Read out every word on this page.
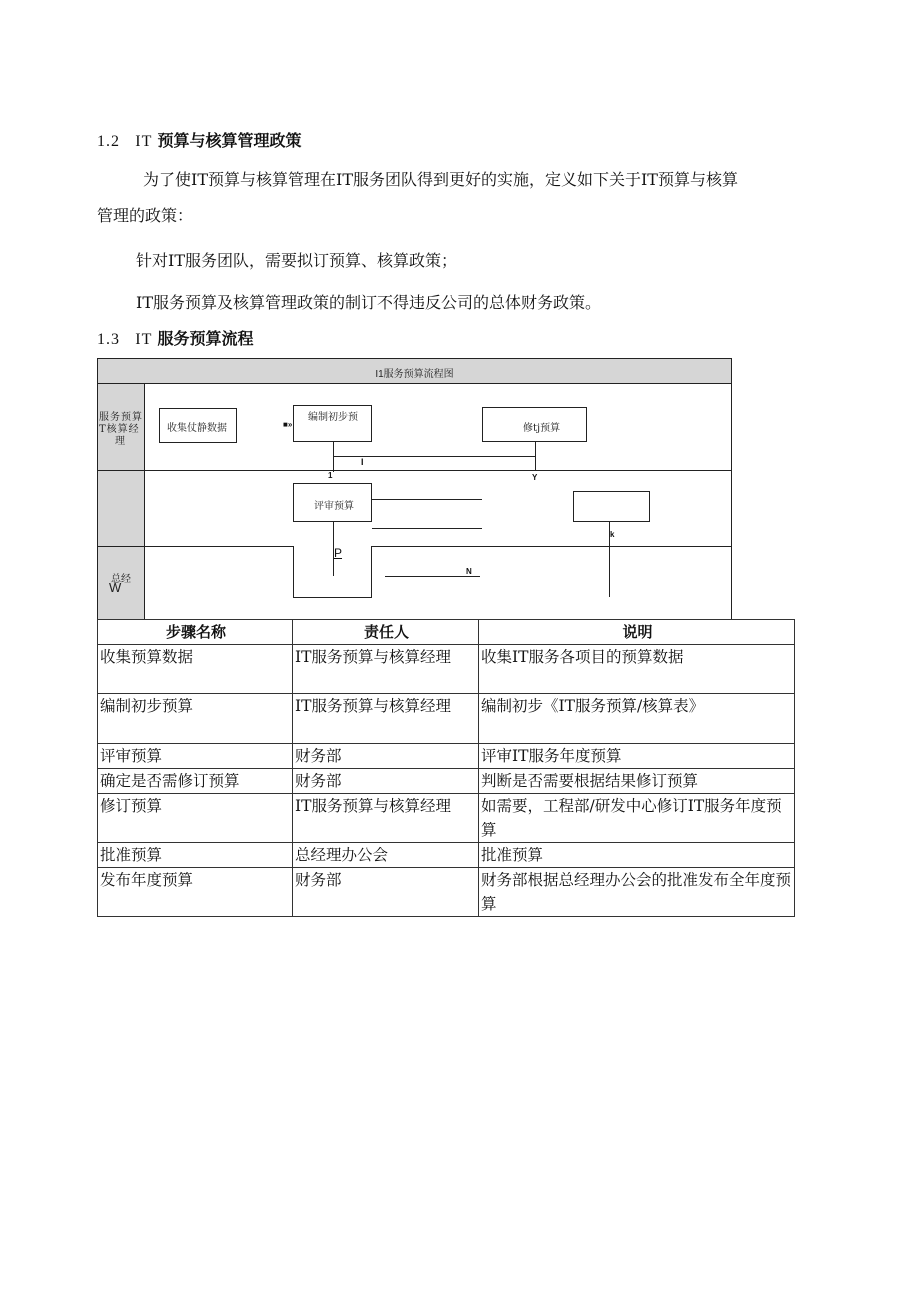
1.2 IT 预算与核算管理政策
为了使IT预算与核算管理在IT服务团队得到更好的实施，定义如下关于IT预算与核算
管理的政策：
针对IT服务团队，需要拟订预算、核算政策；
IT服务预算及核算管理政策的制订不得违反公司的总体财务政策。
1.3 IT 服务预算流程
I1服务预算流程图
服务预算
T核算经
理
总经
W
收集仗静数据
编制初步预
修tj预算
评审预算
■»
I
1	Y
k
P
N
步骤名称	责任人	说明
收集预算数据	IT服务预算与核算经理	收集IT服务各项目的预算数据
编制初步预算	IT服务预算与核算经理	编制初步《IT服务预算/核算表》
评审预算	财务部	评审IT服务年度预算
确定是否需修订预算	财务部	判断是否需要根据结果修订预算
修订预算	IT服务预算与核算经理	如需要，工程部/研发中心修订IT服务年度预算
批准预算	总经理办公会	批准预算
发布年度预算	财务部	财务部根据总经理办公会的批准发布全年度预算
